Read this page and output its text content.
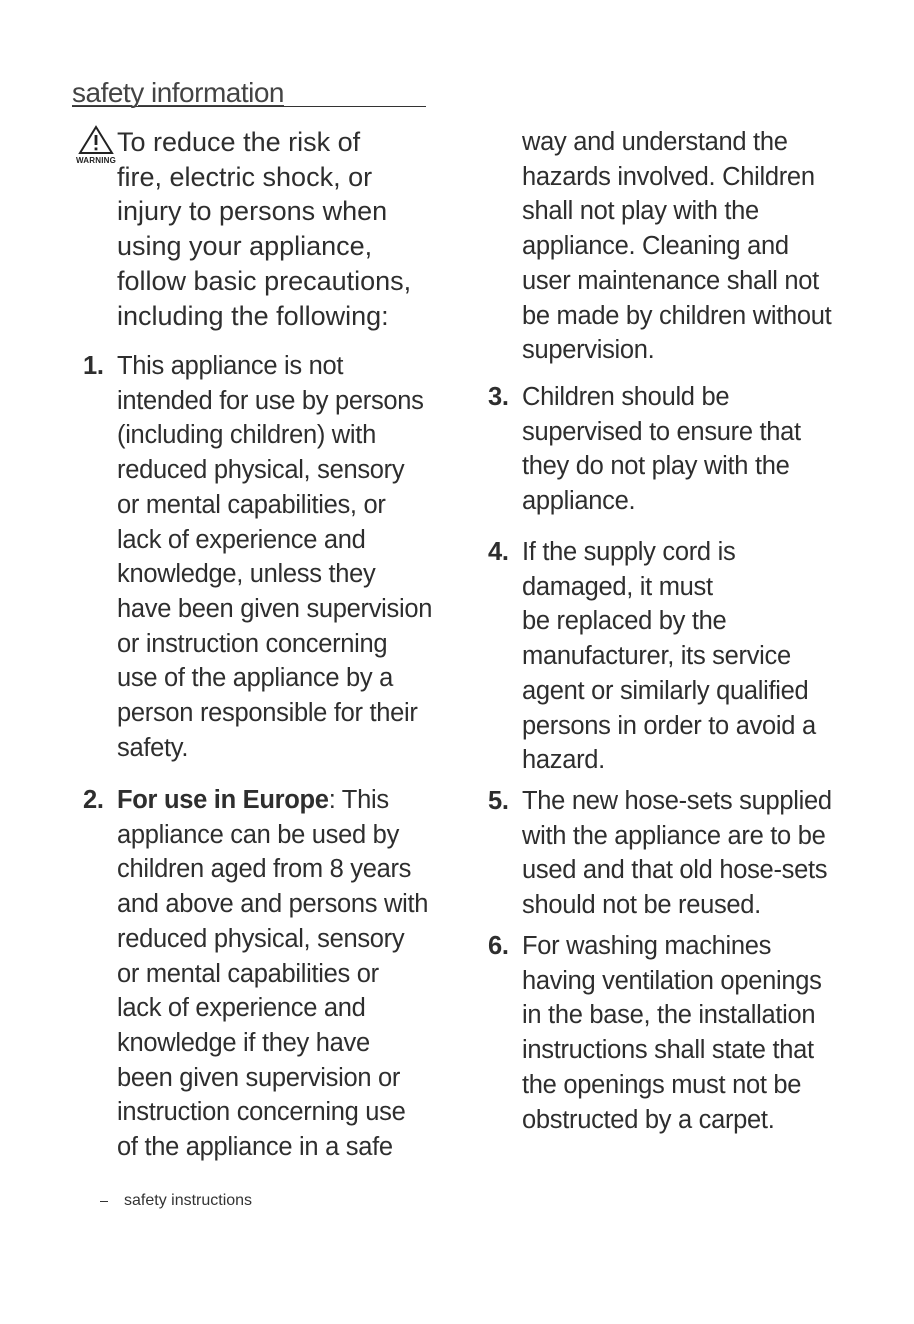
safety information
WARNING
To reduce the risk of
fire, electric shock, or
injury to persons when
using your appliance,
follow basic precautions,
including the following:
1. This appliance is not
intended for use by persons
(including children) with
reduced physical, sensory
or mental capabilities, or
lack of experience and
knowledge, unless they
have been given supervision
or instruction concerning
use of the appliance by a
person responsible for their
safety.
2. For use in Europe: This
appliance can be used by
children aged from 8 years
and above and persons with
reduced physical, sensory
or mental capabilities or
lack of experience and
knowledge if they have
been given supervision or
instruction concerning use
of the appliance in a safe
way and understand the
hazards involved. Children
shall not play with the
appliance. Cleaning and
user maintenance shall not
be made by children without
supervision.
3. Children should be
supervised to ensure that
they do not play with the
appliance.
4. If the supply cord is
damaged, it must
be replaced by the
manufacturer, its service
agent or similarly qualified
persons in order to avoid a
hazard.
5. The new hose-sets supplied
with the appliance are to be
used and that old hose-sets
should not be reused.
6. For washing machines
having ventilation openings
in the base, the installation
instructions shall state that
the openings must not be
obstructed by a carpet.
safety instructions
